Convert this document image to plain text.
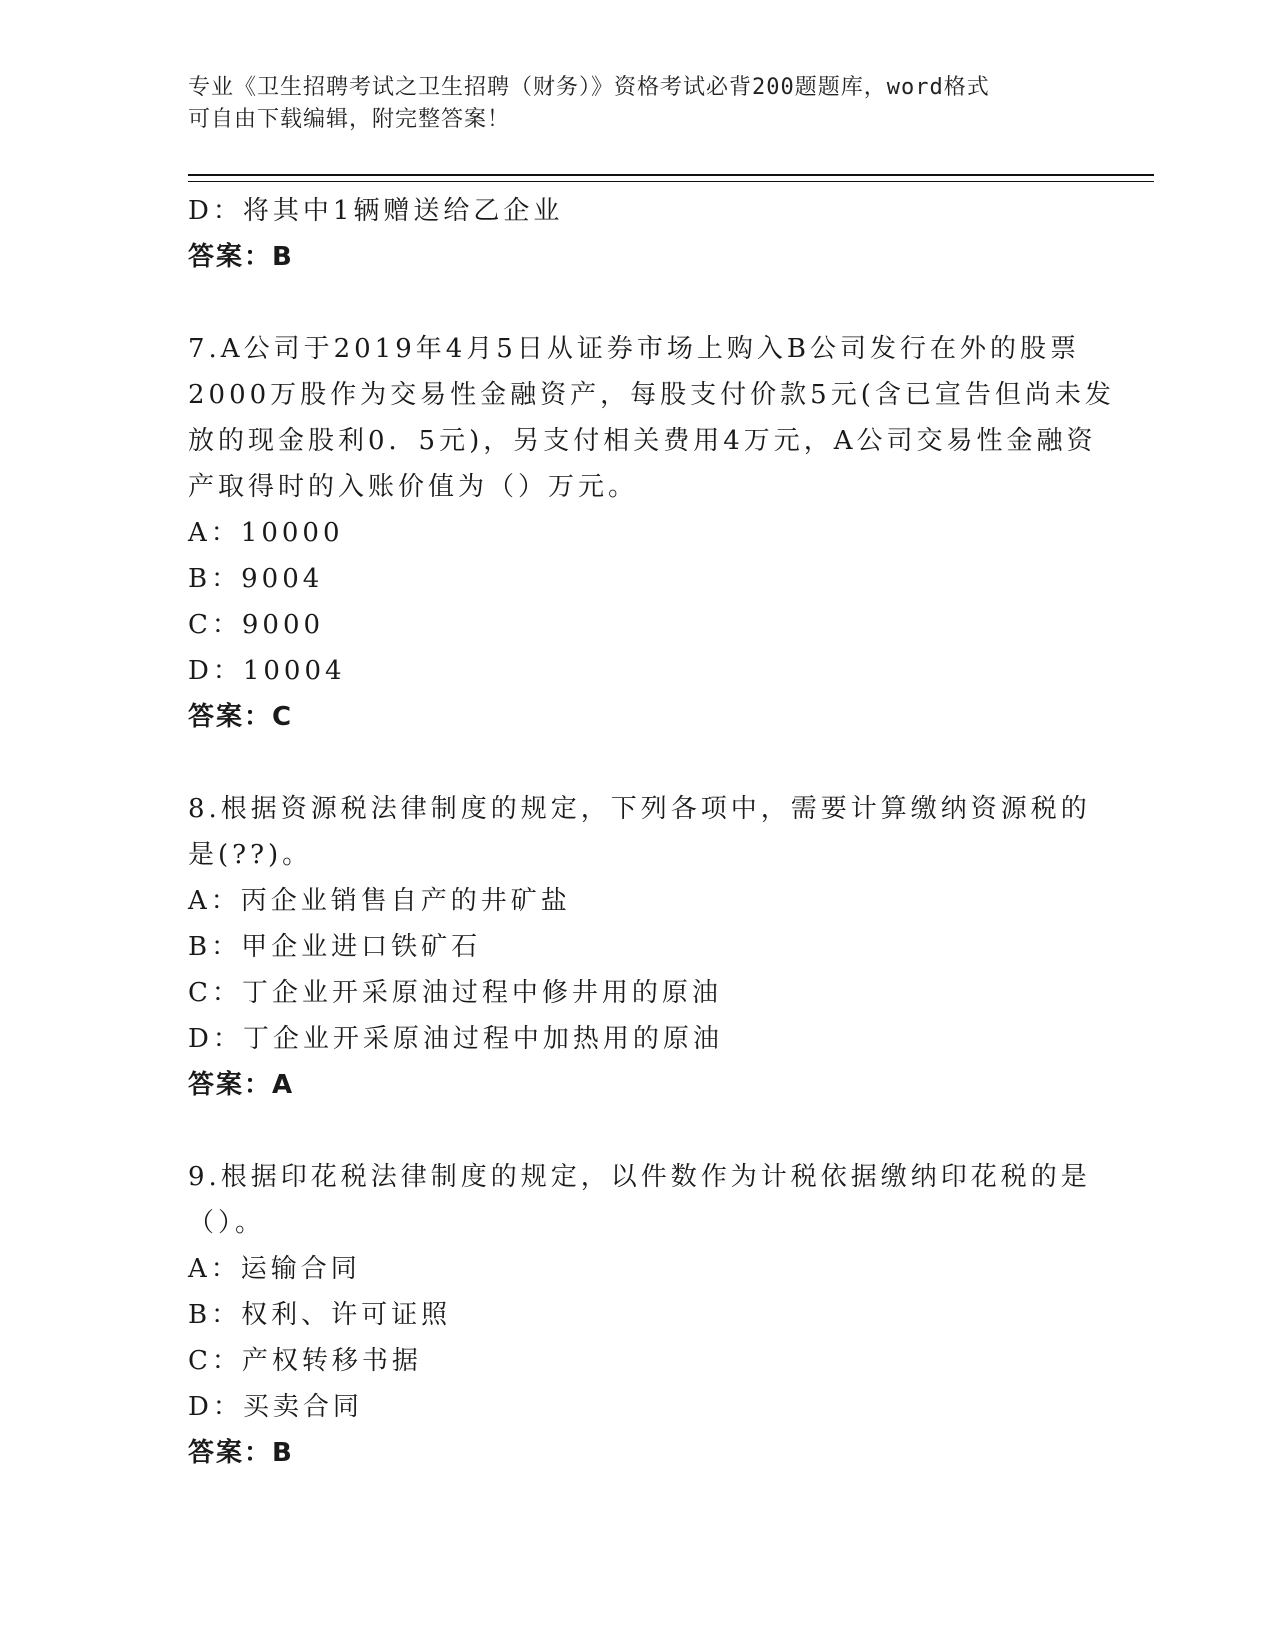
专业《卫生招聘考试之卫生招聘（财务）》资格考试必背200题题库，word格式
可自由下载编辑，附完整答案！
D：将其中1辆赠送给乙企业
答案：B
7.A公司于2019年4月5日从证券市场上购入B公司发行在外的股票
2000万股作为交易性金融资产，每股支付价款5元(含已宣告但尚未发
放的现金股利0．5元)，另支付相关费用4万元，A公司交易性金融资
产取得时的入账价值为（）万元。
A：10000
B：9004
C：9000
D：10004
答案：C
8.根据资源税法律制度的规定，下列各项中，需要计算缴纳资源税的
是(??)。
A：丙企业销售自产的井矿盐
B：甲企业进口铁矿石
C：丁企业开采原油过程中修井用的原油
D：丁企业开采原油过程中加热用的原油
答案：A
9.根据印花税法律制度的规定，以件数作为计税依据缴纳印花税的是
（）。
A：运输合同
B：权利、许可证照
C：产权转移书据
D：买卖合同
答案：B
